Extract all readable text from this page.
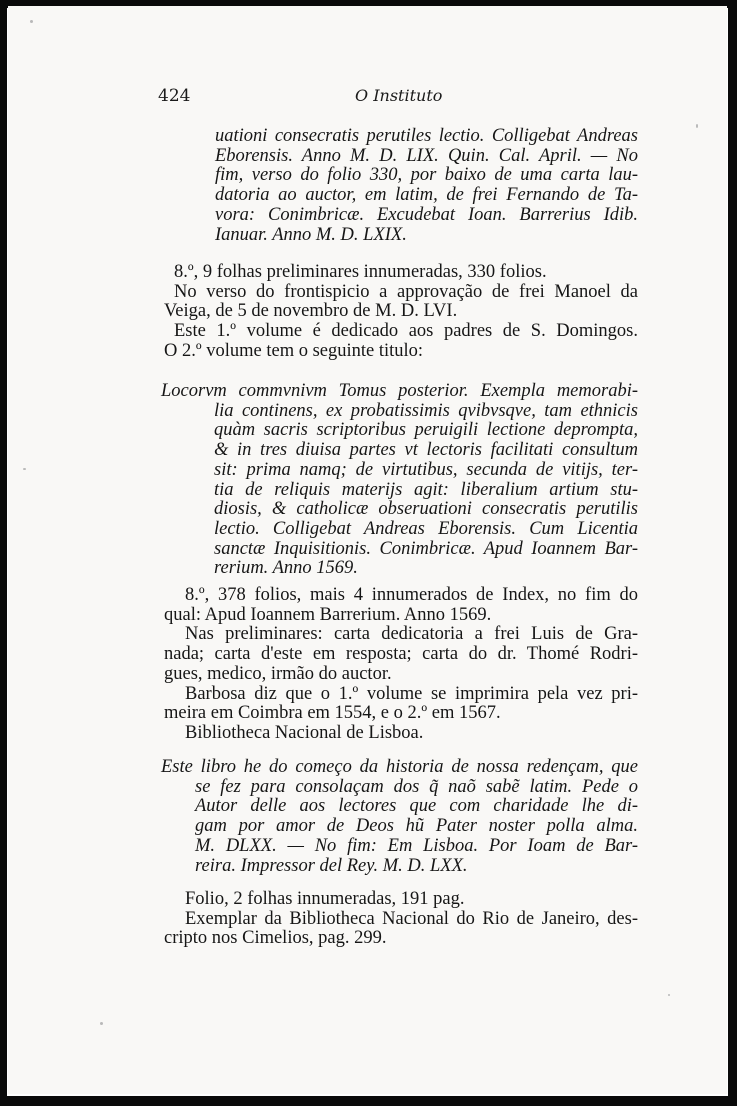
424	O Instituto
uationi consecratis perutiles lectio. Colligebat Andreas
Eborensis. Anno M. D. LIX. Quin. Cal. April. — No
fim, verso do folio 330, por baixo de uma carta lau-
datoria ao auctor, em latim, de frei Fernando de Ta-
vora: Conimbricæ. Excudebat Ioan. Barrerius Idib.
Ianuar. Anno M. D. LXIX.
8.º, 9 folhas preliminares innumeradas, 330 folios.
No verso do frontispicio a approvação de frei Manoel da
Veiga, de 5 de novembro de M. D. LVI.
Este 1.º volume é dedicado aos padres de S. Domingos.
O 2.º volume tem o seguinte titulo:
Locorvm commvnivm Tomus posterior. Exempla memorabi-
lia continens, ex probatissimis qvibvsqve, tam ethnicis
quàm sacris scriptoribus peruigili lectione deprompta,
& in tres diuisa partes vt lectoris facilitati consultum
sit: prima namq; de virtutibus, secunda de vitijs, ter-
tia de reliquis materijs agit: liberalium artium stu-
diosis, & catholicæ obseruationi consecratis perutilis
lectio. Colligebat Andreas Eborensis. Cum Licentia
sanctæ Inquisitionis. Conimbricæ. Apud Ioannem Bar-
rerium. Anno 1569.
8.º, 378 folios, mais 4 innumerados de Index, no fim do
qual: Apud Ioannem Barrerium. Anno 1569.
Nas preliminares: carta dedicatoria a frei Luis de Gra-
nada; carta d'este em resposta; carta do dr. Thomé Rodri-
gues, medico, irmão do auctor.
Barbosa diz que o 1.º volume se imprimira pela vez pri-
meira em Coimbra em 1554, e o 2.º em 1567.
Bibliotheca Nacional de Lisboa.
Este libro he do começo da historia de nossa redençam, que
se fez para consolaçam dos q̃ naõ sabẽ latim. Pede o
Autor delle aos lectores que com charidade lhe di-
gam por amor de Deos hũ Pater noster polla alma.
M. DLXX. — No fim: Em Lisboa. Por Ioam de Bar-
reira. Impressor del Rey. M. D. LXX.
Folio, 2 folhas innumeradas, 191 pag.
Exemplar da Bibliotheca Nacional do Rio de Janeiro, des-
cripto nos Cimelios, pag. 299.
